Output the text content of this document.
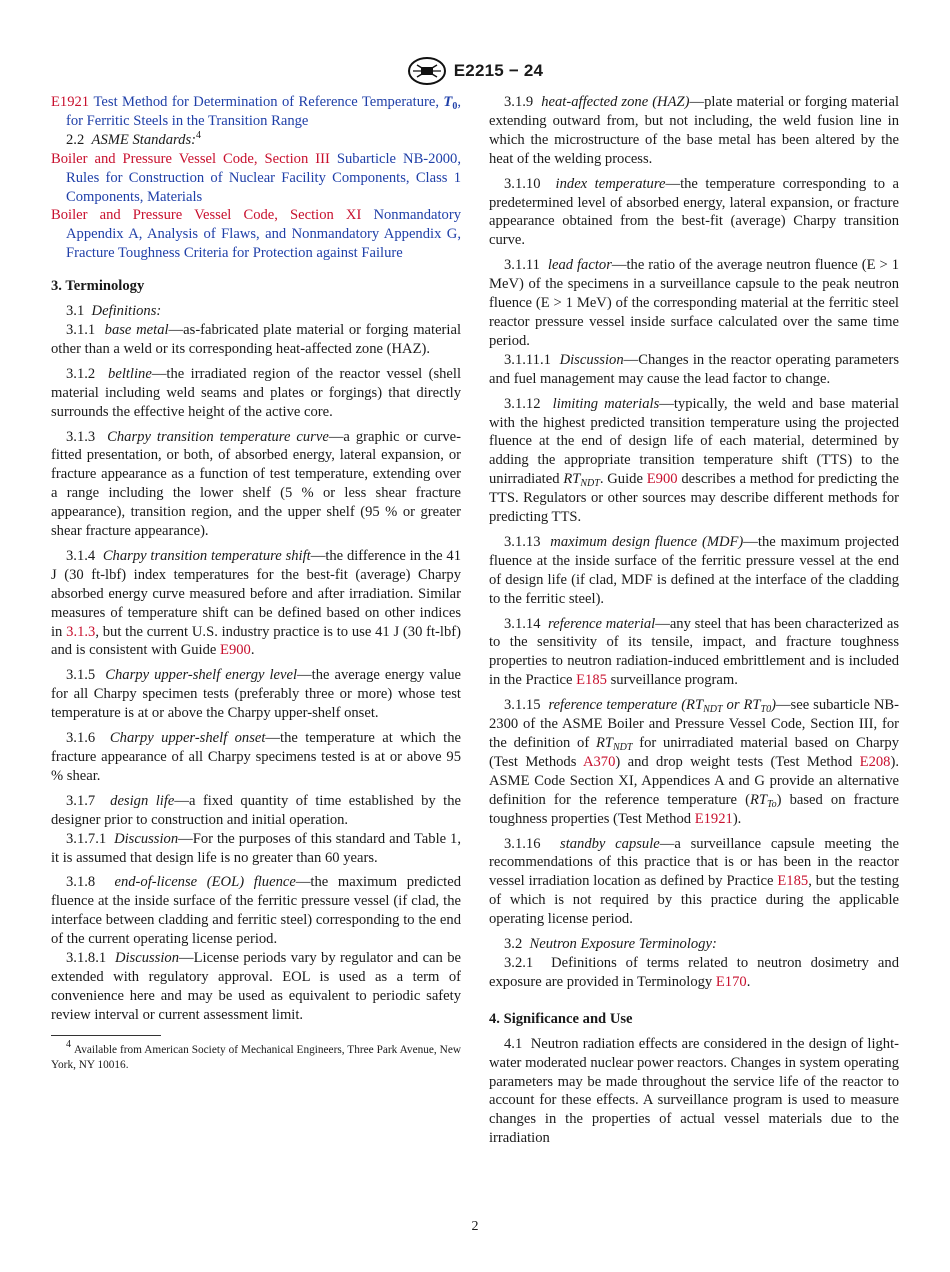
E2215 − 24

E1921 Test Method for Determination of Reference Temperature, $T_0$, for Ferritic Steels in the Transition Range

2.2 ASME Standards:$^4$

Boiler and Pressure Vessel Code, Section III Subarticle NB-2000, Rules for Construction of Nuclear Facility Components, Class 1 Components, Materials

Boiler and Pressure Vessel Code, Section XI Nonmandatory Appendix A, Analysis of Flaws, and Nonmandatory Appendix G, Fracture Toughness Criteria for Protection against Failure

3. Terminology

3.1 Definitions:

3.1.1 base metal—as-fabricated plate material or forging material other than a weld or its corresponding heat-affected zone (HAZ).

3.1.2 beltline—the irradiated region of the reactor vessel (shell material including weld seams and plates or forgings) that directly surrounds the effective height of the active core.

3.1.3 Charpy transition temperature curve—a graphic or curve-fitted presentation, or both, of absorbed energy, lateral expansion, or fracture appearance as a function of test temperature, extending over a range including the lower shelf (5 % or less shear fracture appearance), transition region, and the upper shelf (95 % or greater shear fracture appearance).

3.1.4 Charpy transition temperature shift—the difference in the 41 J (30 ft-lbf) index temperatures for the best-fit (average) Charpy absorbed energy curve measured before and after irradiation. Similar measures of temperature shift can be defined based on other indices in 3.1.3, but the current U.S. industry practice is to use 41 J (30 ft-lbf) and is consistent with Guide E900.

3.1.5 Charpy upper-shelf energy level—the average energy value for all Charpy specimen tests (preferably three or more) whose test temperature is at or above the Charpy upper-shelf onset.

3.1.6 Charpy upper-shelf onset—the temperature at which the fracture appearance of all Charpy specimens tested is at or above 95 % shear.

3.1.7 design life—a fixed quantity of time established by the designer prior to construction and initial operation.

3.1.7.1 Discussion—For the purposes of this standard and Table 1, it is assumed that design life is no greater than 60 years.

3.1.8 end-of-license (EOL) fluence—the maximum predicted fluence at the inside surface of the ferritic pressure vessel (if clad, the interface between cladding and ferritic steel) corresponding to the end of the current operating license period.

3.1.8.1 Discussion—License periods vary by regulator and can be extended with regulatory approval. EOL is used as a term of convenience here and may be used as equivalent to periodic safety review interval or current assessment limit.

$^4$ Available from American Society of Mechanical Engineers, Three Park Avenue, New York, NY 10016.

3.1.9 heat-affected zone (HAZ)—plate material or forging material extending outward from, but not including, the weld fusion line in which the microstructure of the base metal has been altered by the heat of the welding process.

3.1.10 index temperature—the temperature corresponding to a predetermined level of absorbed energy, lateral expansion, or fracture appearance obtained from the best-fit (average) Charpy transition curve.

3.1.11 lead factor—the ratio of the average neutron fluence (E > 1 MeV) of the specimens in a surveillance capsule to the peak neutron fluence (E > 1 MeV) of the corresponding material at the ferritic steel reactor pressure vessel inside surface calculated over the same time period.

3.1.11.1 Discussion—Changes in the reactor operating parameters and fuel management may cause the lead factor to change.

3.1.12 limiting materials—typically, the weld and base material with the highest predicted transition temperature using the projected fluence at the end of design life of each material, determined by adding the appropriate transition temperature shift (TTS) to the unirradiated $RT_{NDT}$. Guide E900 describes a method for predicting the TTS. Regulators or other sources may describe different methods for predicting TTS.

3.1.13 maximum design fluence (MDF)—the maximum projected fluence at the inside surface of the ferritic pressure vessel at the end of design life (if clad, MDF is defined at the interface of the cladding to the ferritic steel).

3.1.14 reference material—any steel that has been characterized as to the sensitivity of its tensile, impact, and fracture toughness properties to neutron radiation-induced embrittlement and is included in the Practice E185 surveillance program.

3.1.15 reference temperature ($RT_{NDT}$ or $RT_{T0})—see$ subarticle NB-2300 of the ASME Boiler and Pressure Vessel Code, Section III, for the definition of $RT_{NDT}$ for unirradiated material based on Charpy (Test Methods A370) and drop weight tests (Test Method E208). ASME Code Section XI, Appendices A and G provide an alternative definition for the reference temperature $(RT_{To})$ based on fracture toughness properties (Test Method E1921).

3.1.16 standby capsule—a surveillance capsule meeting the recommendations of this practice that is or has been in the reactor vessel irradiation location as defined by Practice E185, but the testing of which is not required by this practice during the applicable operating license period.

3.2 Neutron Exposure Terminology:

3.2.1 Definitions of terms related to neutron dosimetry and exposure are provided in Terminology E170.

4. Significance and Use

4.1 Neutron radiation effects are considered in the design of light-water moderated nuclear power reactors. Changes in system operating parameters may be made throughout the service life of the reactor to account for these effects. A surveillance program is used to measure changes in the properties of actual vessel materials due to the irradiation

2
